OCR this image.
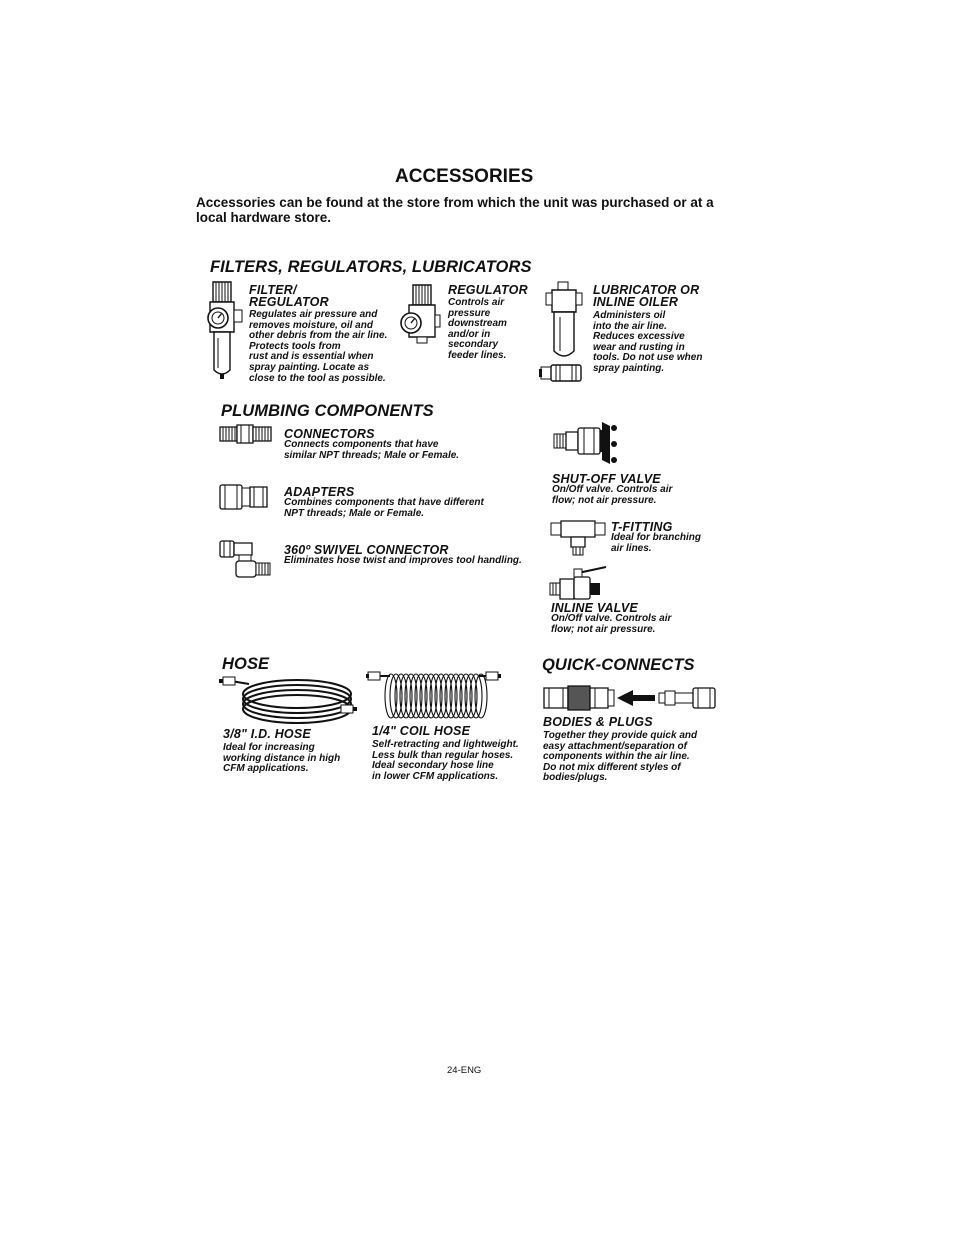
ACCESSORIES
Accessories can be found at the store from which the unit was purchased or at a local hardware store.
FILTERS, REGULATORS, LUBRICATORS
FILTER/
REGULATOR
Regulates air pressure and
removes moisture, oil and
other debris from the air line.
Protects tools from
rust and is essential when
spray painting. Locate as
close to the tool as possible.
REGULATOR
Controls air
pressure
downstream
and/or in
secondary
feeder lines.
LUBRICATOR OR
INLINE OILER
Administers oil
into the air line.
Reduces excessive
wear and rusting in
tools. Do not use when
spray painting.
PLUMBING COMPONENTS
CONNECTORS
Connects components that have
similar NPT threads; Male or Female.
ADAPTERS
Combines components that have different
NPT threads; Male or Female.
360º SWIVEL CONNECTOR
Eliminates hose twist and improves tool handling.
SHUT-OFF VALVE
On/Off valve. Controls air
flow; not air pressure.
T-FITTING
Ideal for branching
air lines.
INLINE VALVE
On/Off valve. Controls air
flow; not air pressure.
HOSE
3/8" I.D. HOSE
Ideal for increasing
working distance in high
CFM applications.
1/4" COIL HOSE
Self-retracting and lightweight.
Less bulk than regular hoses.
Ideal secondary hose line
in lower CFM applications.
QUICK-CONNECTS
BODIES & PLUGS
Together they provide quick and
easy attachment/separation of
components within the air line.
Do not mix different styles of
bodies/plugs.
24-ENG
